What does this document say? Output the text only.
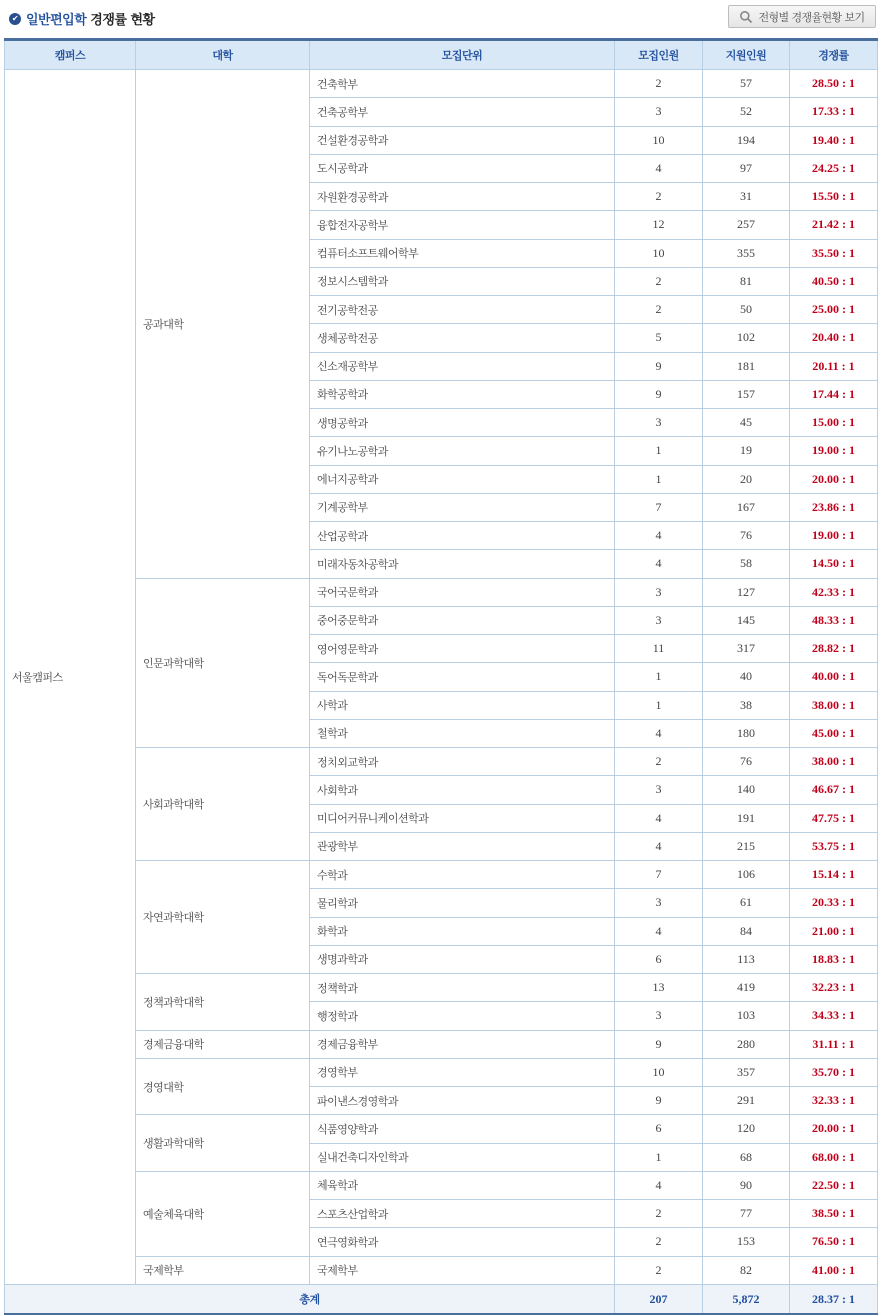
✔ 일반편입학 경쟁률 현황	전형별 경쟁율현황 보기
캠퍼스	대학	모집단위	모집인원	지원인원	경쟁률
서울캠퍼스	공과대학	건축학부	2	57	28.50 : 1
		건축공학부	3	52	17.33 : 1
		건설환경공학과	10	194	19.40 : 1
		도시공학과	4	97	24.25 : 1
		자원환경공학과	2	31	15.50 : 1
		융합전자공학부	12	257	21.42 : 1
		컴퓨터소프트웨어학부	10	355	35.50 : 1
		정보시스템학과	2	81	40.50 : 1
		전기공학전공	2	50	25.00 : 1
		생체공학전공	5	102	20.40 : 1
		신소재공학부	9	181	20.11 : 1
		화학공학과	9	157	17.44 : 1
		생명공학과	3	45	15.00 : 1
		유기나노공학과	1	19	19.00 : 1
		에너지공학과	1	20	20.00 : 1
		기계공학부	7	167	23.86 : 1
		산업공학과	4	76	19.00 : 1
		미래자동차공학과	4	58	14.50 : 1
	인문과학대학	국어국문학과	3	127	42.33 : 1
		중어중문학과	3	145	48.33 : 1
		영어영문학과	11	317	28.82 : 1
		독어독문학과	1	40	40.00 : 1
		사학과	1	38	38.00 : 1
		철학과	4	180	45.00 : 1
	사회과학대학	정치외교학과	2	76	38.00 : 1
		사회학과	3	140	46.67 : 1
		미디어커뮤니케이션학과	4	191	47.75 : 1
		관광학부	4	215	53.75 : 1
	자연과학대학	수학과	7	106	15.14 : 1
		물리학과	3	61	20.33 : 1
		화학과	4	84	21.00 : 1
		생명과학과	6	113	18.83 : 1
	정책과학대학	정책학과	13	419	32.23 : 1
		행정학과	3	103	34.33 : 1
	경제금융대학	경제금융학부	9	280	31.11 : 1
	경영대학	경영학부	10	357	35.70 : 1
		파이낸스경영학과	9	291	32.33 : 1
	생활과학대학	식품영양학과	6	120	20.00 : 1
		실내건축디자인학과	1	68	68.00 : 1
	예술체육대학	체육학과	4	90	22.50 : 1
		스포츠산업학과	2	77	38.50 : 1
		연극영화학과	2	153	76.50 : 1
	국제학부	국제학부	2	82	41.00 : 1
총계			207	5,872	28.37 : 1
